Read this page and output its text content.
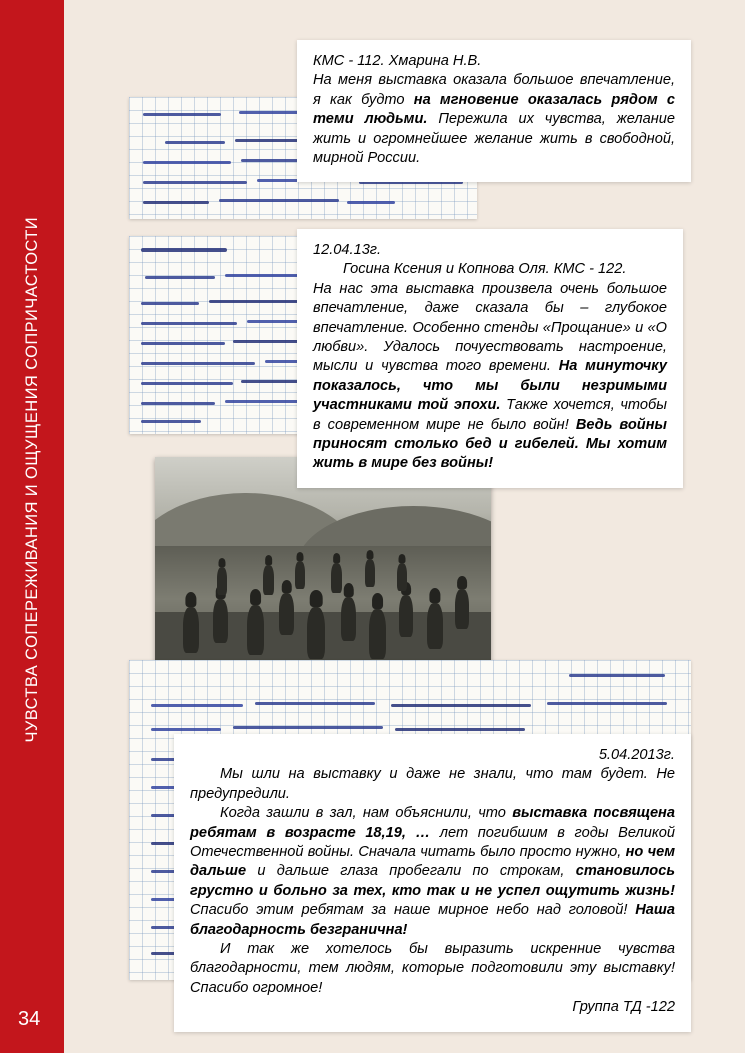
КМС - 112. Хмарина Н.В.

На меня выставка оказала большое впечатление, я как будто на мгновение оказалась рядом с теми людьми. Пережила их чувства, желание жить и огромнейшее желание жить в свободной, мирной России.

12.04.13г.

Госина Ксения и Копнова Оля. КМС - 122.

На нас эта выставка произвела очень большое впечатление, даже сказала бы – глубокое впечатление. Особенно стенды «Прощание» и «О любви». Удалось почуествовать настроение, мысли и чувства того времени. На минуточку показалось, что мы были незримыми участниками той эпохи. Также хочется, чтобы в современном мире не было войн! Ведь войны приносят столько бед и гибелей. Мы хотим жить в мире без войны!

5.04.2013г.

Мы шли на выставку и даже не знали, что там будет. Не предупредили.

Когда зашли в зал, нам объяснили, что выставка посвящена ребятам в возрасте 18,19, … лет погибшим в годы Великой Отечественной войны. Сначала читать было просто нужно, но чем дальше и дальше глаза пробегали по строкам, становилось грустно и больно за тех, кто так и не успел ощутить жизнь! Спасибо этим ребятам за наше мирное небо над головой! Наша благодарность безгранична!

И так же хотелось бы выразить искренние чувства благодарности, тем людям, которые подготовили эту выставку! Спасибо огромное!

Группа ТД -122

ЧУВСТВА СОПЕРЕЖИВАНИЯ И ОЩУЩЕНИЯ СОПРИЧАСТОСТИ
34
